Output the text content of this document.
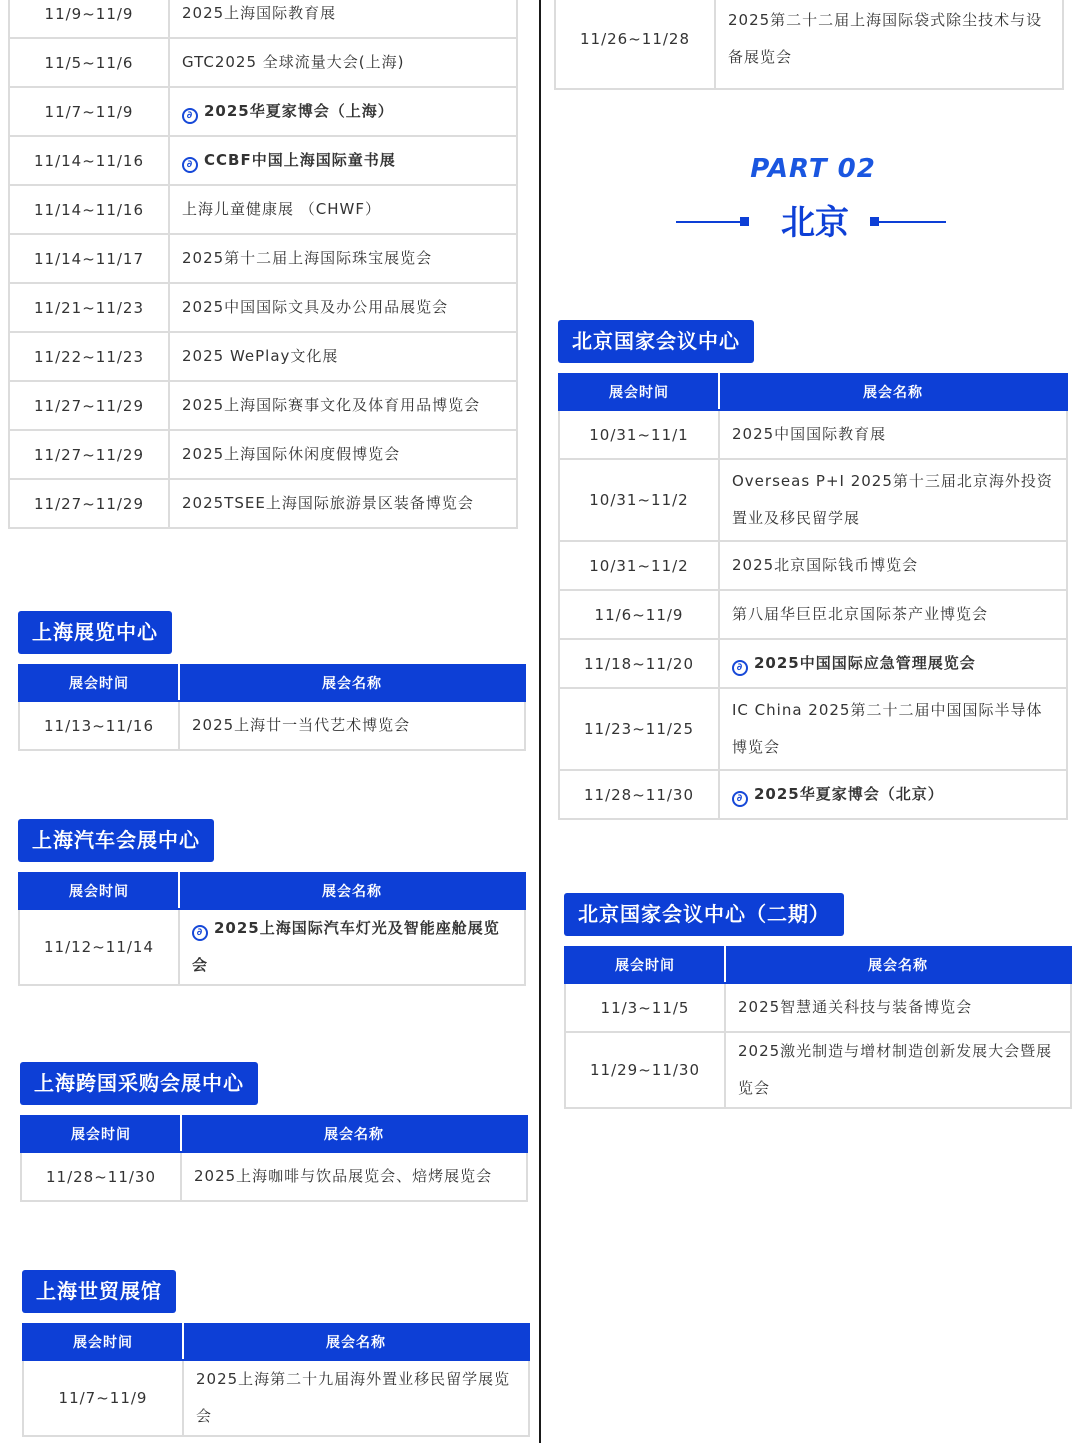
11/9~11/9	2025上海国际教育展
11/5~11/6	GTC2025 全球流量大会(上海)
11/7~11/9	∂ 2025华夏家博会（上海）
11/14~11/16	∂ CCBF中国上海国际童书展
11/14~11/16	上海儿童健康展 （CHWF）
11/14~11/17	2025第十二届上海国际珠宝展览会
11/21~11/23	2025中国国际文具及办公用品展览会
11/22~11/23	2025 WePlay文化展
11/27~11/29	2025上海国际赛事文化及体育用品博览会
11/27~11/29	2025上海国际休闲度假博览会
11/27~11/29	2025TSEE上海国际旅游景区装备博览会
上海展览中心
展会时间	展会名称
11/13~11/16	2025上海廿一当代艺术博览会
上海汽车会展中心
展会时间	展会名称
11/12~11/14	∂ 2025上海国际汽车灯光及智能座舱展览会
上海跨国采购会展中心
展会时间	展会名称
11/28~11/30	2025上海咖啡与饮品展览会、焙烤展览会
上海世贸展馆
展会时间	展会名称
11/7~11/9	2025上海第二十九届海外置业移民留学展览会
11/26~11/28	2025第二十二届上海国际袋式除尘技术与设备展览会
PART 02
北京
北京国家会议中心
展会时间	展会名称
10/31~11/1	2025中国国际教育展
10/31~11/2	Overseas P+I 2025第十三届北京海外投资置业及移民留学展
10/31~11/2	2025北京国际钱币博览会
11/6~11/9	第八届华巨臣北京国际茶产业博览会
11/18~11/20	∂ 2025中国国际应急管理展览会
11/23~11/25	IC China 2025第二十二届中国国际半导体博览会
11/28~11/30	∂ 2025华夏家博会（北京）
北京国家会议中心（二期）
展会时间	展会名称
11/3~11/5	2025智慧通关科技与装备博览会
11/29~11/30	2025激光制造与增材制造创新发展大会暨展览会
